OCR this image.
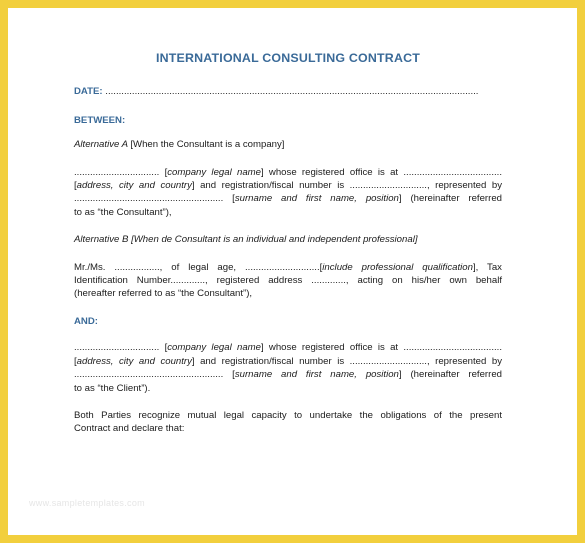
INTERNATIONAL CONSULTING CONTRACT
DATE: ............................................................................................................................................
BETWEEN:
Alternative A [When the Consultant is a company]

................................ [company legal name] whose registered office is at .....................................
[address, city and country] and registration/fiscal number is ............................., represented by
........................................................ [surname and first name, position] (hereinafter referred
to as “the Consultant”),

Alternative B [When de Consultant is an individual and independent professional]

Mr./Ms. ................., of legal age, ............................[include professional qualification], Tax
Identification Number............., registered address ............., acting on his/her own behalf
(hereafter referred to as “the Consultant”),

AND:

................................ [company legal name] whose registered office is at .....................................
[address, city and country] and registration/fiscal number is ............................., represented by
........................................................ [surname and first name, position] (hereinafter referred
to as “the Client”).

Both Parties recognize mutual legal capacity to undertake the obligations of the present
Contract and declare that:

www.sampletemplates.com
